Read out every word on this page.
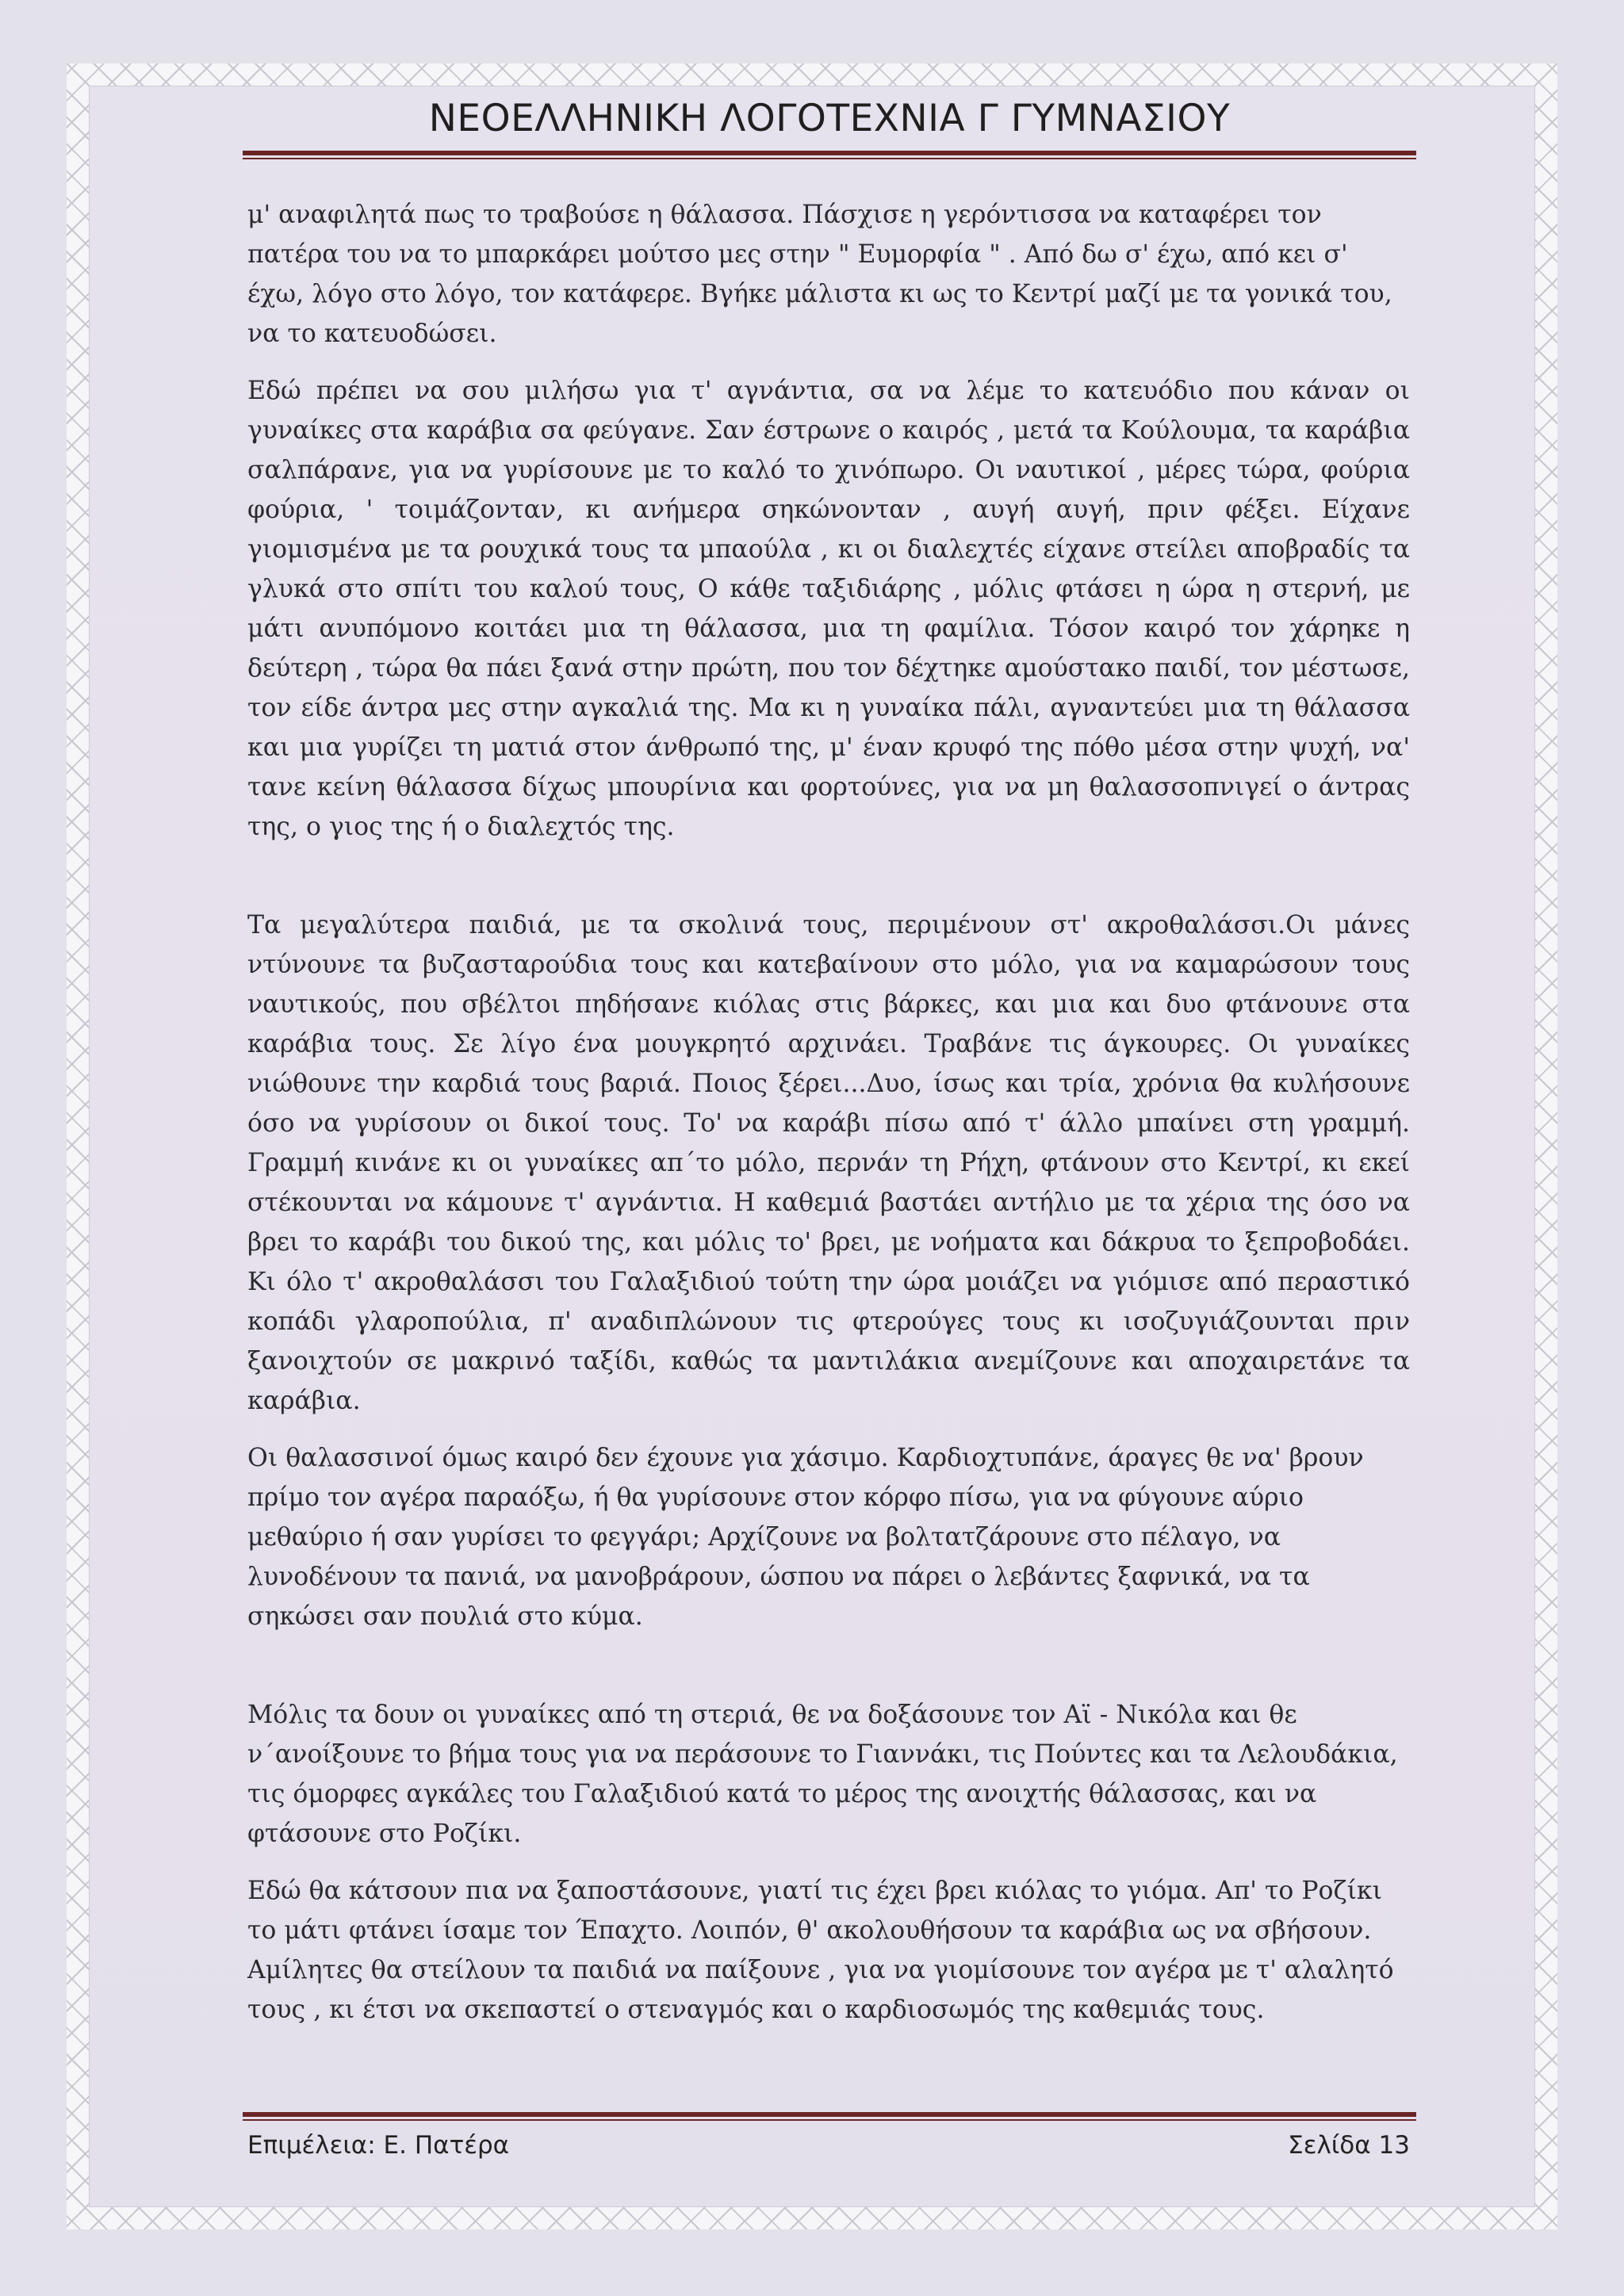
ΝΕΟΕΛΛΗΝΙΚΗ ΛΟΓΟΤΕΧΝΙΑ Γ ΓΥΜΝΑΣΙΟΥ

μ' αναφιλητά πως το τραβούσε η θάλασσα. Πάσχισε η γερόντισσα να καταφέρει τον πατέρα του να το μπαρκάρει μούτσο μες στην " Ευμορφία " . Από δω σ' έχω, από κει σ' έχω, λόγο στο λόγο, τον κατάφερε. Βγήκε μάλιστα κι ως το Κεντρί μαζί με τα γονικά του, να το κατευοδώσει.

Εδώ πρέπει να σου μιλήσω για τ' αγνάντια, σα να λέμε το κατευόδιο που κάναν οι γυναίκες στα καράβια σα φεύγανε. Σαν έστρωνε ο καιρός , μετά τα Κούλουμα, τα καράβια σαλπάρανε, για να γυρίσουνε με το καλό το χινόπωρο. Οι ναυτικοί , μέρες τώρα, φούρια φούρια, ' τοιμάζονταν, κι ανήμερα σηκώνονταν , αυγή αυγή, πριν φέξει. Είχανε γιομισμένα με τα ρουχικά τους τα μπαούλα , κι οι διαλεχτές είχανε στείλει αποβραδίς τα γλυκά στο σπίτι του καλού τους, Ο κάθε ταξιδιάρης , μόλις φτάσει η ώρα η στερνή, με μάτι ανυπόμονο κοιτάει μια τη θάλασσα, μια τη φαμίλια. Τόσον καιρό τον χάρηκε η δεύτερη , τώρα θα πάει ξανά στην πρώτη, που τον δέχτηκε αμούστακο παιδί, τον μέστωσε, τον είδε άντρα μες στην αγκαλιά της. Μα κι η γυναίκα πάλι, αγναντεύει μια τη θάλασσα και μια γυρίζει τη ματιά στον άνθρωπό της, μ' έναν κρυφό της πόθο μέσα στην ψυχή, να' τανε κείνη θάλασσα δίχως μπουρίνια και φορτούνες, για να μη θαλασσοπνιγεί ο άντρας της, ο γιος της ή ο διαλεχτός της.

Τα μεγαλύτερα παιδιά, με τα σκολινά τους, περιμένουν στ' ακροθαλάσσι.Οι μάνες ντύνουνε τα βυζασταρούδια τους και κατεβαίνουν στο μόλο, για να καμαρώσουν τους ναυτικούς, που σβέλτοι πηδήσανε κιόλας στις βάρκες, και μια και δυο φτάνουνε στα καράβια τους. Σε λίγο ένα μουγκρητό αρχινάει. Τραβάνε τις άγκουρες. Οι γυναίκες νιώθουνε την καρδιά τους βαριά. Ποιος ξέρει...Δυο, ίσως και τρία, χρόνια θα κυλήσουνε όσο να γυρίσουν οι δικοί τους. Το' να καράβι πίσω από τ' άλλο μπαίνει στη γραμμή. Γραμμή κινάνε κι οι γυναίκες απ΄το μόλο, περνάν τη Ρήχη, φτάνουν στο Κεντρί, κι εκεί στέκουνται να κάμουνε τ' αγνάντια. Η καθεμιά βαστάει αντήλιο με τα χέρια της όσο να βρει το καράβι του δικού της, και μόλις το' βρει, με νοήματα και δάκρυα το ξεπροβοδάει. Κι όλο τ' ακροθαλάσσι του Γαλαξιδιού τούτη την ώρα μοιάζει να γιόμισε από περαστικό κοπάδι γλαροπούλια, π' αναδιπλώνουν τις φτερούγες τους κι ισοζυγιάζουνται πριν ξανοιχτούν σε μακρινό ταξίδι, καθώς τα μαντιλάκια ανεμίζουνε και αποχαιρετάνε τα καράβια.

Οι θαλασσινοί όμως καιρό δεν έχουνε για χάσιμο. Καρδιοχτυπάνε, άραγες θε να' βρουν πρίμο τον αγέρα παραόξω, ή θα γυρίσουνε στον κόρφο πίσω, για να φύγουνε αύριο μεθαύριο ή σαν γυρίσει το φεγγάρι; Αρχίζουνε να βολτατζάρουνε στο πέλαγο, να λυνοδένουν τα πανιά, να μανοβράρουν, ώσπου να πάρει ο λεβάντες ξαφνικά, να τα σηκώσει σαν πουλιά στο κύμα.

Μόλις τα δουν οι γυναίκες από τη στεριά, θε να δοξάσουνε τον Αϊ - Νικόλα και θε ν΄ανοίξουνε το βήμα τους για να περάσουνε το Γιαννάκι, τις Πούντες και τα Λελουδάκια, τις όμορφες αγκάλες του Γαλαξιδιού κατά το μέρος της ανοιχτής θάλασσας, και να φτάσουνε στο Ροζίκι.

Εδώ θα κάτσουν πια να ξαποστάσουνε, γιατί τις έχει βρει κιόλας το γιόμα. Απ' το Ροζίκι το μάτι φτάνει ίσαμε τον Έπαχτο. Λοιπόν, θ' ακολουθήσουν τα καράβια ως να σβήσουν. Αμίλητες θα στείλουν τα παιδιά να παίξουνε , για να γιομίσουνε τον αγέρα με τ' αλαλητό τους , κι έτσι να σκεπαστεί ο στεναγμός και ο καρδιοσωμός της καθεμιάς τους.

Επιμέλεια: Ε. Πατέρα	Σελίδα 13
